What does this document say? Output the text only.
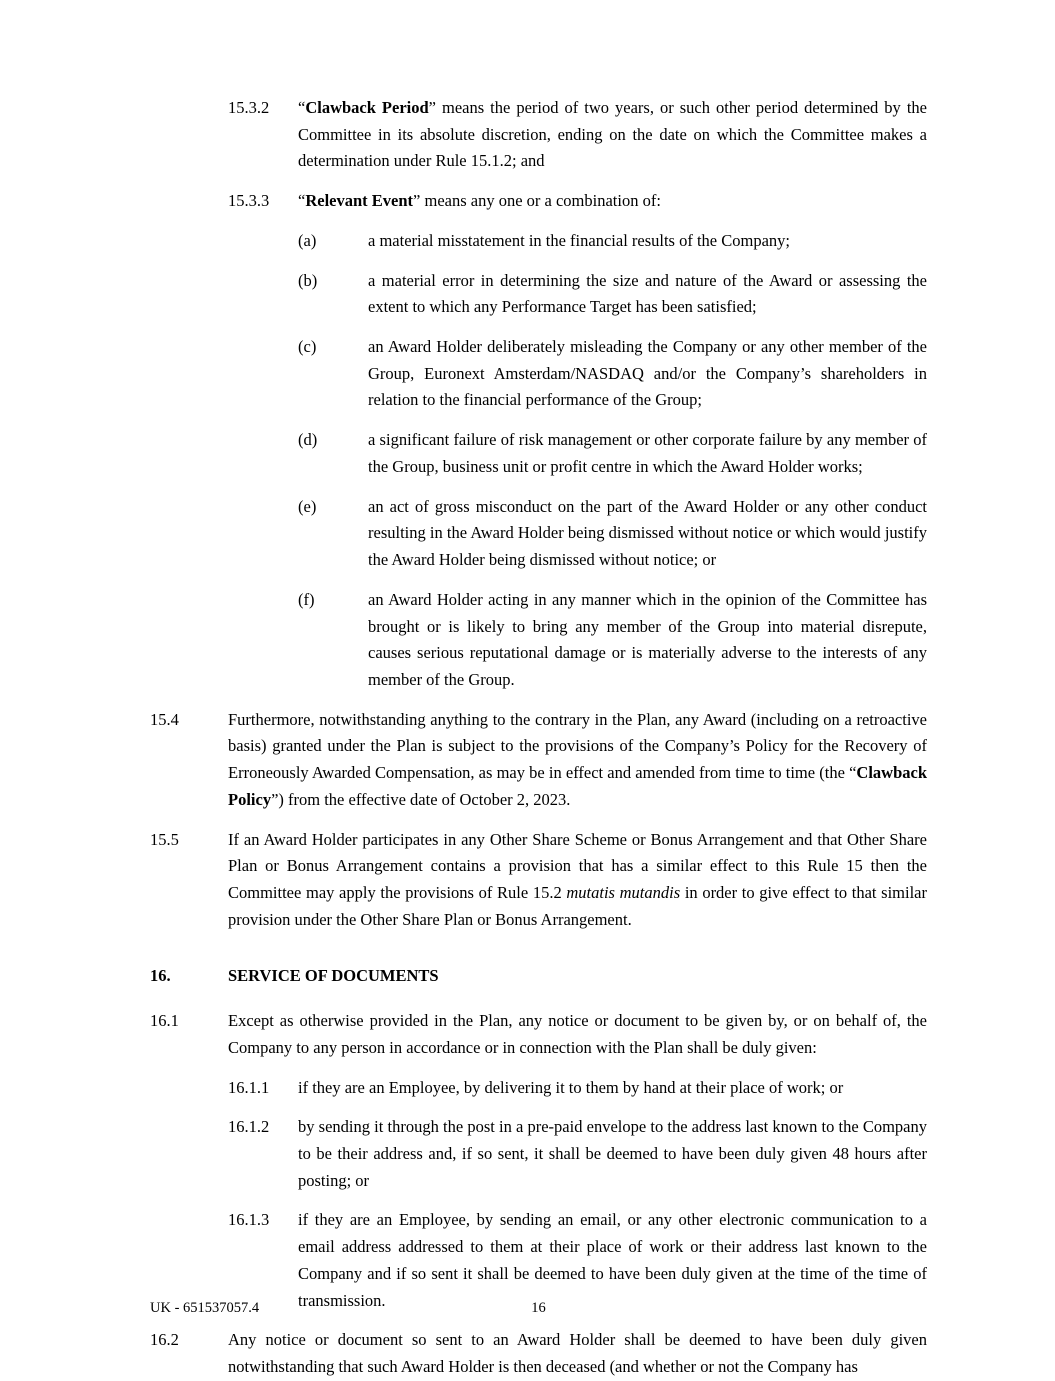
15.3.2	“Clawback Period” means the period of two years, or such other period determined by the Committee in its absolute discretion, ending on the date on which the Committee makes a determination under Rule 15.1.2; and
15.3.3	“Relevant Event” means any one or a combination of:
(a)	a material misstatement in the financial results of the Company;
(b)	a material error in determining the size and nature of the Award or assessing the extent to which any Performance Target has been satisfied;
(c)	an Award Holder deliberately misleading the Company or any other member of the Group, Euronext Amsterdam/NASDAQ and/or the Company’s shareholders in relation to the financial performance of the Group;
(d)	a significant failure of risk management or other corporate failure by any member of the Group, business unit or profit centre in which the Award Holder works;
(e)	an act of gross misconduct on the part of the Award Holder or any other conduct resulting in the Award Holder being dismissed without notice or which would justify the Award Holder being dismissed without notice; or
(f)	an Award Holder acting in any manner which in the opinion of the Committee has brought or is likely to bring any member of the Group into material disrepute, causes serious reputational damage or is materially adverse to the interests of any member of the Group.
15.4	Furthermore, notwithstanding anything to the contrary in the Plan, any Award (including on a retroactive basis) granted under the Plan is subject to the provisions of the Company’s Policy for the Recovery of Erroneously Awarded Compensation, as may be in effect and amended from time to time (the “Clawback Policy”) from the effective date of October 2, 2023.
15.5	If an Award Holder participates in any Other Share Scheme or Bonus Arrangement and that Other Share Plan or Bonus Arrangement contains a provision that has a similar effect to this Rule 15 then the Committee may apply the provisions of Rule 15.2 mutatis mutandis in order to give effect to that similar provision under the Other Share Plan or Bonus Arrangement.
16.	SERVICE OF DOCUMENTS
16.1	Except as otherwise provided in the Plan, any notice or document to be given by, or on behalf of, the Company to any person in accordance or in connection with the Plan shall be duly given:
16.1.1	if they are an Employee, by delivering it to them by hand at their place of work; or
16.1.2	by sending it through the post in a pre-paid envelope to the address last known to the Company to be their address and, if so sent, it shall be deemed to have been duly given 48 hours after posting; or
16.1.3	if they are an Employee, by sending an email, or any other electronic communication to a email address addressed to them at their place of work or their address last known to the Company and if so sent it shall be deemed to have been duly given at the time of the time of transmission.
16.2	Any notice or document so sent to an Award Holder shall be deemed to have been duly given notwithstanding that such Award Holder is then deceased (and whether or not the Company has
UK - 651537057.4	16
